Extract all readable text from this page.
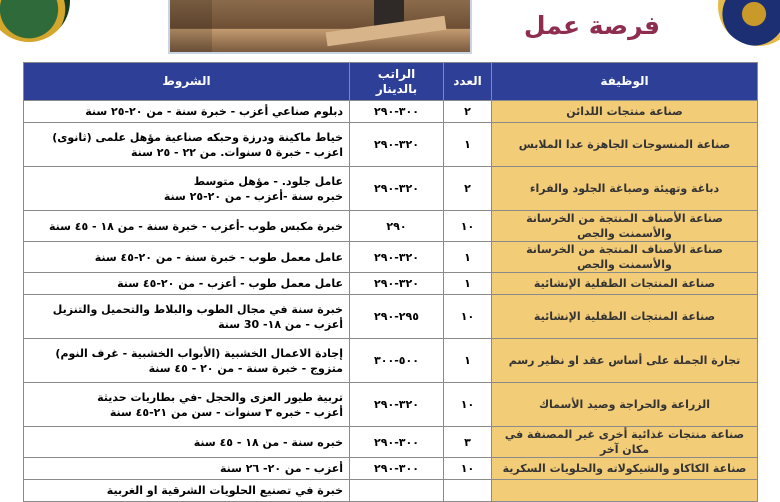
فرصة عمل
الوظيفة	العدد	الراتب بالدينار	الشروط
صناعة منتجات اللدائن	٢	٣٠٠-٢٩٠	دبلوم صناعي أعزب - خبرة سنة - من ٢٠-٢٥ سنة

صناعة المنسوجات الجاهزة عدا الملابس	١	٣٢٠-٢٩٠	خياط ماكينة ودرزة وحبكه صناعية مؤهل علمى (ثانوى)
اعزب - خبرة ٥ سنوات. من ٢٢ - ٢٥ سنة

دباغة وتهيئة وصباغة الجلود والفراء	٢	٣٢٠-٢٩٠	عامل جلود. - مؤهل متوسط
خبره سنة -أعزب - من ٢٠-٢٥ سنة

صناعة الأصناف المنتجة من الخرسانة والأسمنت والجص	١٠	٢٩٠	خبرة مكبس طوب -أعزب - خبرة سنة - من ١٨ - ٤٥ سنة

صناعة الأصناف المنتجة من الخرسانة والأسمنت والجص	١	٣٢٠-٢٩٠	عامل معمل طوب - خبرة سنة - من ٢٠-٤٥ سنة

صناعة المنتجات الطفلية الإنشائية	١	٣٢٠-٢٩٠	عامل معمل طوب - أعزب - من ٢٠-٤٥ سنة

صناعة المنتجات الطفلية الإنشائية	١٠	٢٩٥-٢٩٠	خبرة سنة في مجال الطوب والبلاط والتحميل والتنزيل
أعزب - من ١٨- 30 سنة

تجارة الجملة على أساس عقد او نظير رسم	١	٥٠٠-٣٠٠	إجادة الاعمال الخشبية (الأبواب الخشبية - غرف النوم)
متزوج - خبرة سنة - من ٢٠ - ٤٥ سنة

الزراعة والحراجة وصيد الأسماك	١٠	٣٢٠-٢٩٠	تربية طيور العزى والحجل -في بطاريات حديثة
أعزب - خبره ٣ سنوات - سن من ٢١-٤٥ سنة

صناعة منتجات غذائية أخرى غير المصنفة في مكان آخر	٣	٣٠٠-٢٩٠	خبره سنة - من ١٨ - ٤٥ سنة

صناعة الكاكاو والشيكولاته والحلويات السكرية	١٠	٣٠٠-٢٩٠	أعزب - من ٢٠- ٢٦ سنة

			خبرة في تصنيع الحلويات الشرقية او الغربية
